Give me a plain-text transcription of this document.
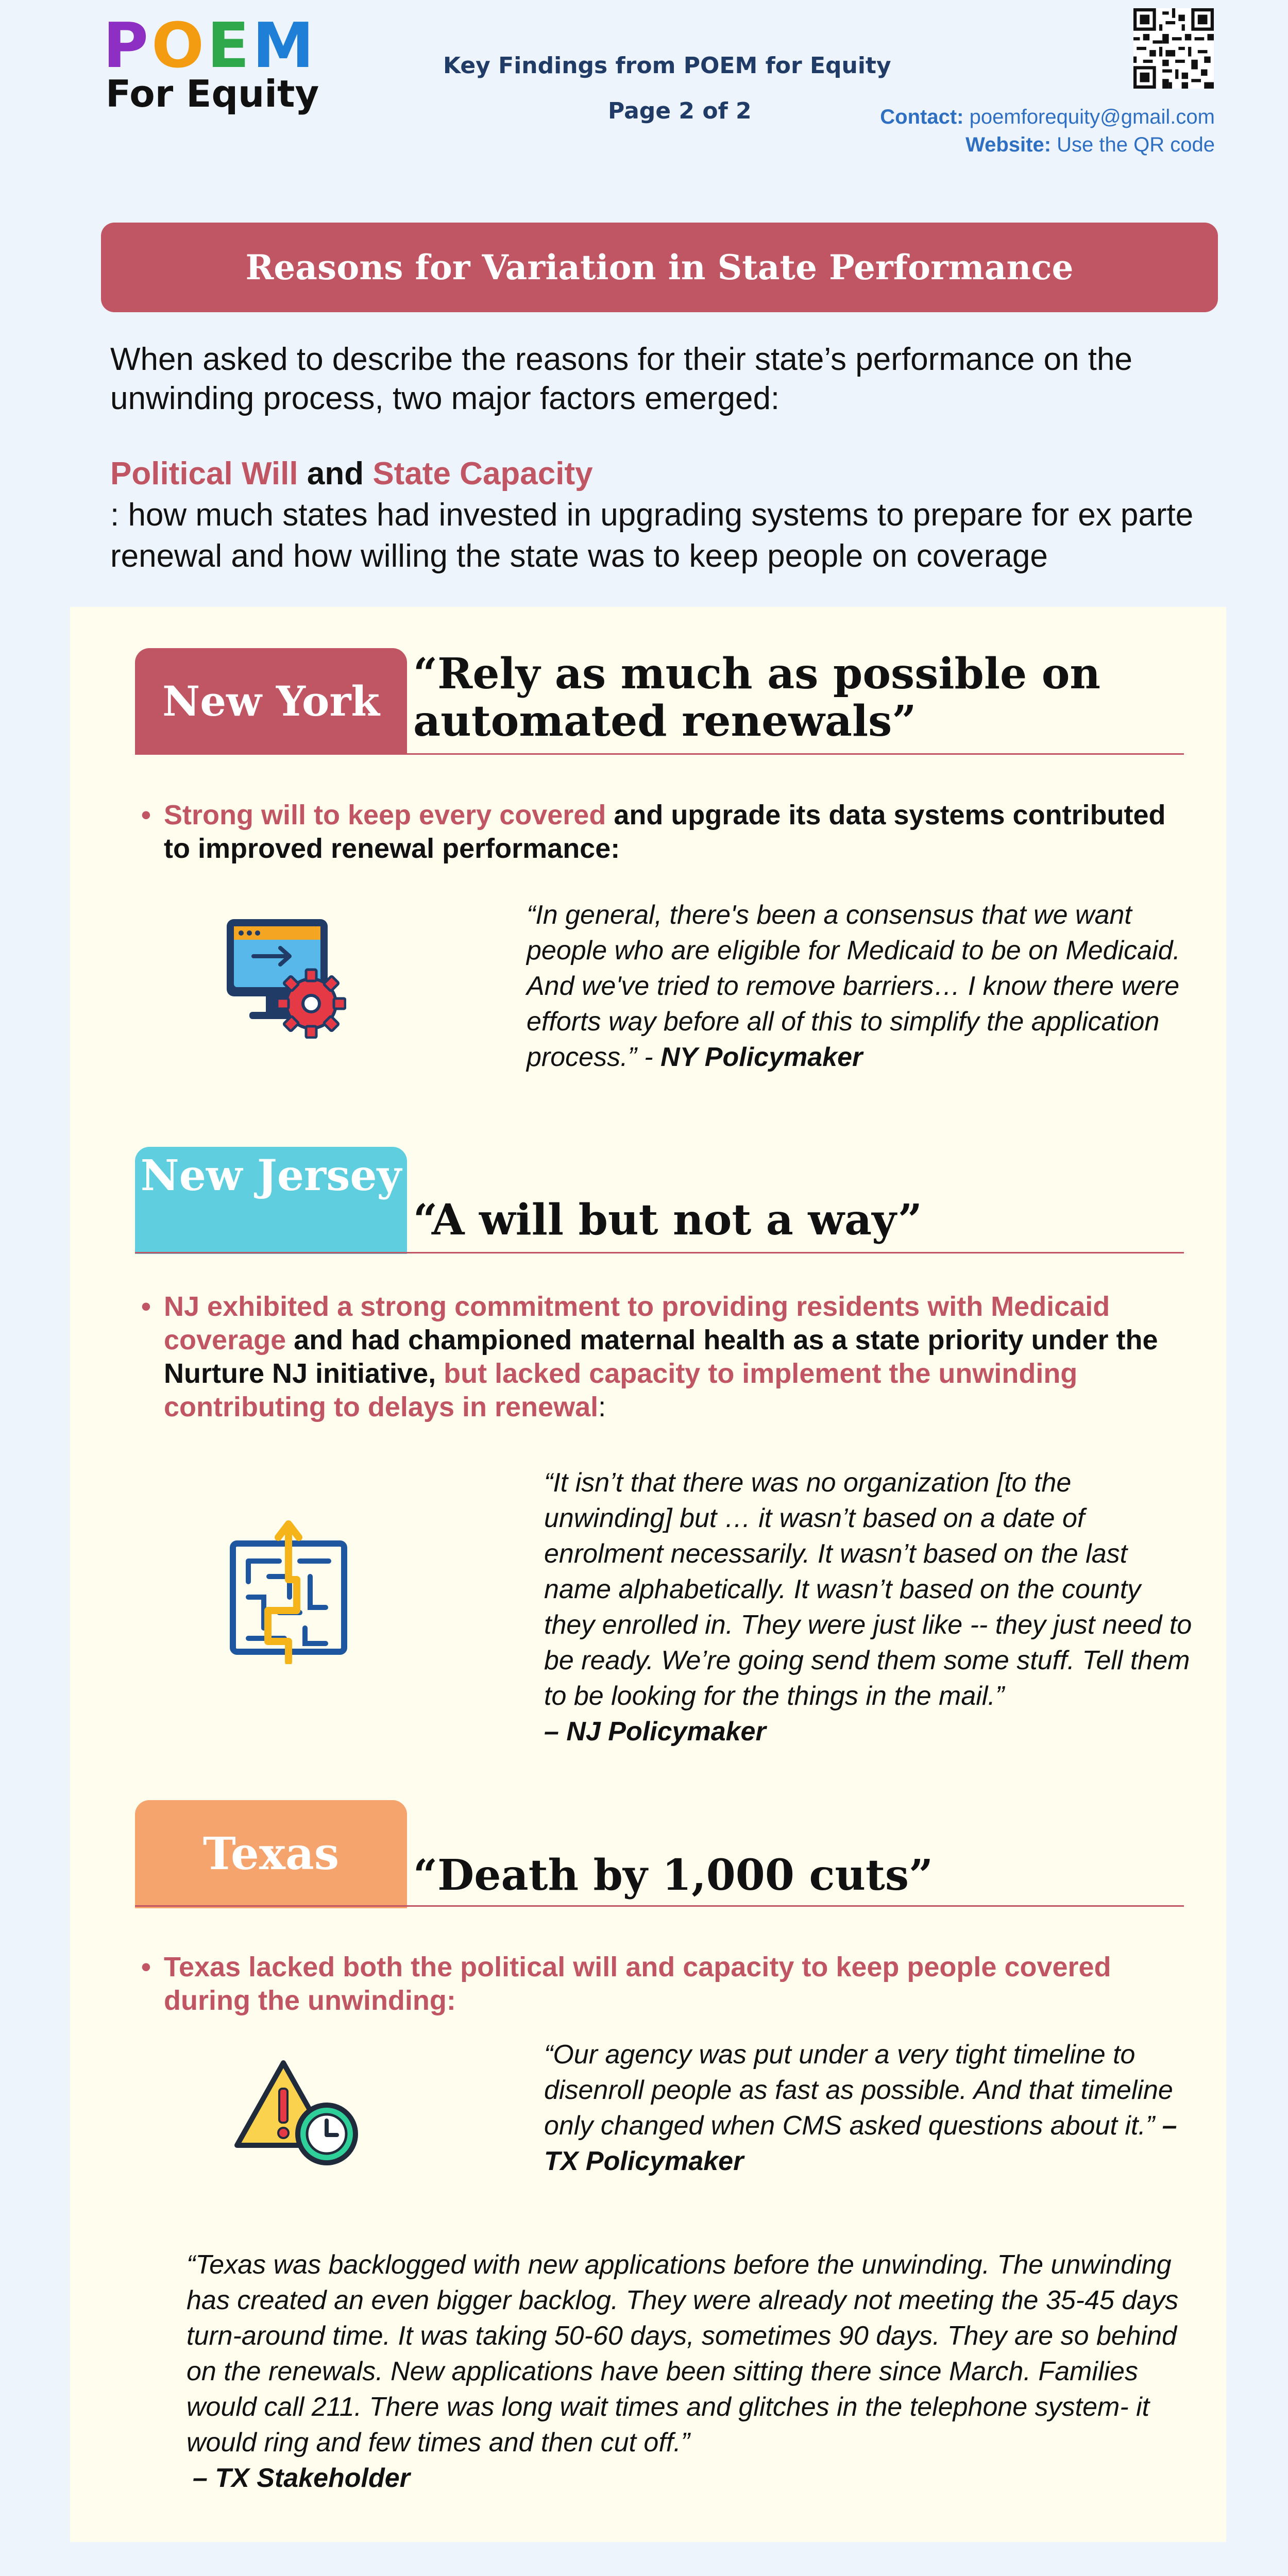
POEM
For Equity
Key Findings from POEM for Equity
Page 2 of 2	Contact: poemforequity@gmail.com
Website: Use the QR code
Reasons for Variation in State Performance
When asked to describe the reasons for their state’s performance on the unwinding process, two major factors emerged:
Political Will and State Capacity
: how much states had invested in upgrading systems to prepare for ex parte renewal and how willing the state was to keep people on coverage
New York
“Rely as much as possible on automated renewals”
• Strong will to keep every covered and upgrade its data systems contributed to improved renewal performance:
“In general, there's been a consensus that we want people who are eligible for Medicaid to be on Medicaid. And we've tried to remove barriers… I know there were efforts way before all of this to simplify the application process.” - NY Policymaker
New Jersey
“A will but not a way”
• NJ exhibited a strong commitment to providing residents with Medicaid coverage and had championed maternal health as a state priority under the Nurture NJ initiative, but lacked capacity to implement the unwinding contributing to delays in renewal:
“It isn’t that there was no organization [to the unwinding] but … it wasn’t based on a date of enrolment necessarily. It wasn’t based on the last name alphabetically. It wasn’t based on the county they enrolled in. They were just like -- they just need to be ready. We’re going send them some stuff. Tell them to be looking for the things in the mail.”
– NJ Policymaker
Texas	“Death by 1,000 cuts”
• Texas lacked both the political will and capacity to keep people covered during the unwinding:
“Our agency was put under a very tight timeline to disenroll people as fast as possible. And that timeline only changed when CMS asked questions about it.” – TX Policymaker
“Texas was backlogged with new applications before the unwinding. The unwinding has created an even bigger backlog. They were already not meeting the 35-45 days turn-around time. It was taking 50-60 days, sometimes 90 days. They are so behind on the renewals. New applications have been sitting there since March. Families would call 211. There was long wait times and glitches in the telephone system- it would ring and few times and then cut off.”
– TX Stakeholder
